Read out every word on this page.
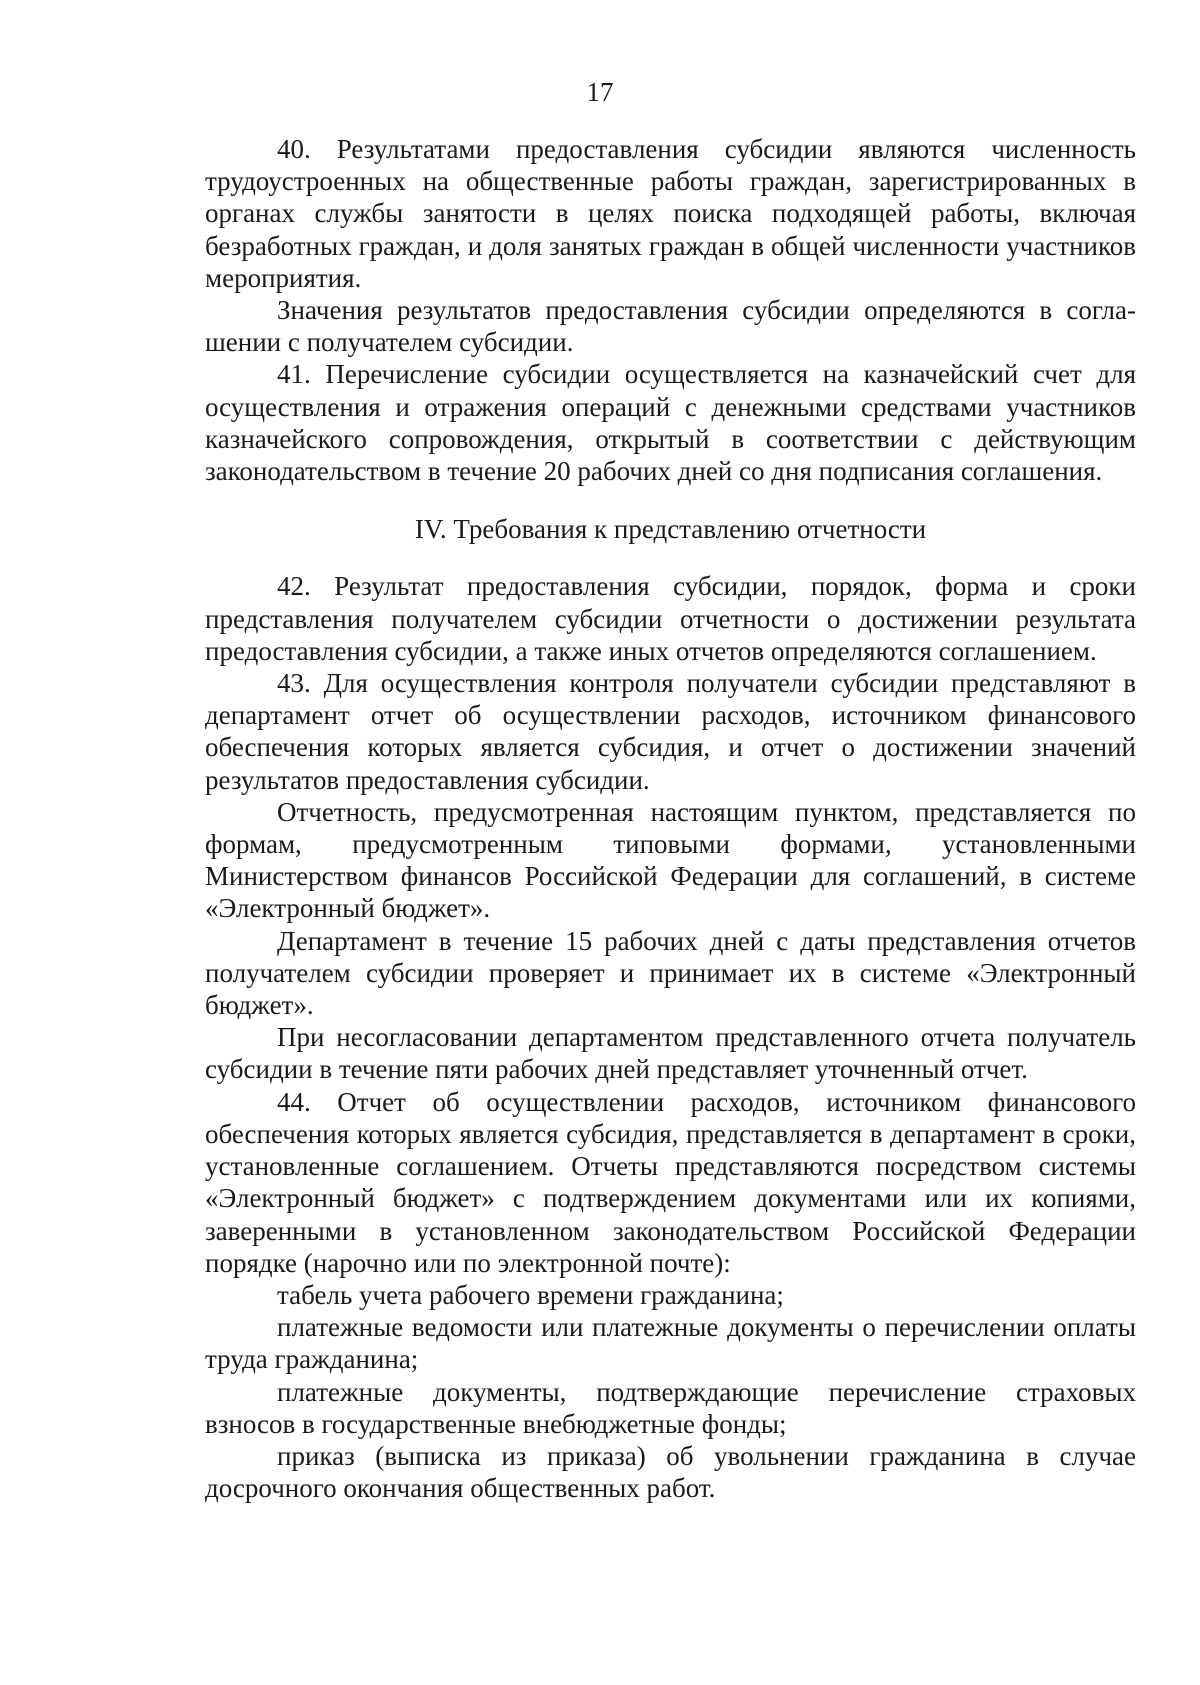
17

40. Результатами предоставления субсидии являются численность трудоустроенных на общественные работы граждан, зарегистрированных в органах службы занятости в целях поиска подходящей работы, включая безработных граждан, и доля занятых граждан в общей численности участников мероприятия.

Значения результатов предоставления субсидии определяются в соглашении с получателем субсидии.

41. Перечисление субсидии осуществляется на казначейский счет для осуществления и отражения операций с денежными средствами участников казначейского сопровождения, открытый в соответствии с действующим законодательством в течение 20 рабочих дней со дня подписания соглашения.

IV. Требования к представлению отчетности

42. Результат предоставления субсидии, порядок, форма и сроки представления получателем субсидии отчетности о достижении результата предоставления субсидии, а также иных отчетов определяются соглашением.

43. Для осуществления контроля получатели субсидии представляют в департамент отчет об осуществлении расходов, источником финансового обеспечения которых является субсидия, и отчет о достижении значений результатов предоставления субсидии.

Отчетность, предусмотренная настоящим пунктом, представляется по формам, предусмотренным типовыми формами, установленными Министерством финансов Российской Федерации для соглашений, в системе «Электронный бюджет».

Департамент в течение 15 рабочих дней с даты представления отчетов получателем субсидии проверяет и принимает их в системе «Электронный бюджет».

При несогласовании департаментом представленного отчета получатель субсидии в течение пяти рабочих дней представляет уточненный отчет.

44. Отчет об осуществлении расходов, источником финансового обеспечения которых является субсидия, представляется в департамент в сроки, установленные соглашением. Отчеты представляются посредством системы «Электронный бюджет» с подтверждением документами или их копиями, заверенными в установленном законодательством Российской Федерации порядке (нарочно или по электронной почте):

табель учета рабочего времени гражданина;

платежные ведомости или платежные документы о перечислении оплаты труда гражданина;

платежные документы, подтверждающие перечисление страховых взносов в государственные внебюджетные фонды;

приказ (выписка из приказа) об увольнении гражданина в случае досрочного окончания общественных работ.
